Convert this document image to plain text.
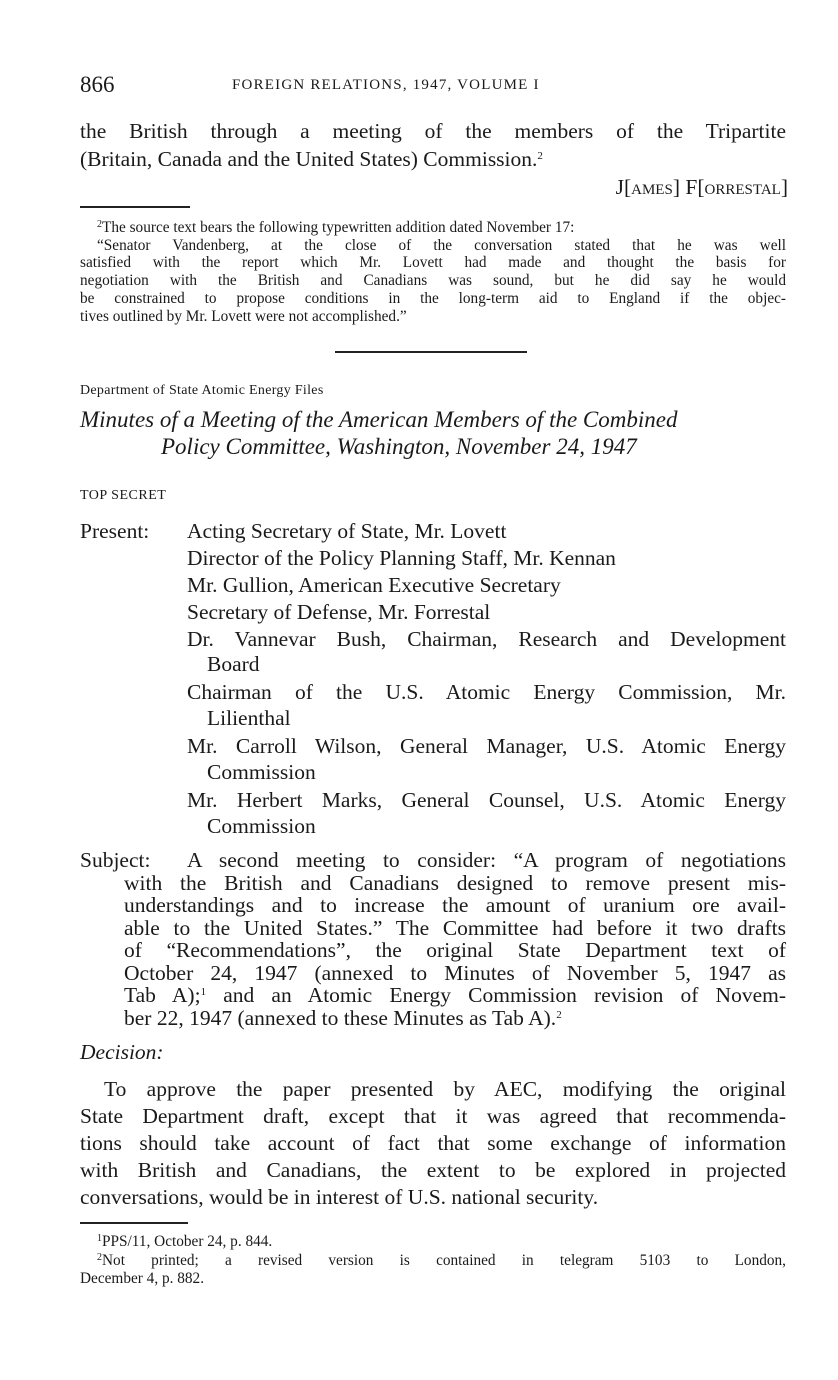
866	FOREIGN RELATIONS, 1947, VOLUME I
the British through a meeting of the members of the Tripartite
(Britain, Canada and the United States) Commission.$^2$
J[ames] F[orrestal]
$^2$The source text bears the following typewritten addition dated November 17:
“Senator Vandenberg, at the close of the conversation stated that he was well
satisfied with the report which Mr. Lovett had made and thought the basis for
negotiation with the British and Canadians was sound, but he did say he would
be constrained to propose conditions in the long-term aid to England if the objec-
tives outlined by Mr. Lovett were not accomplished.”
Department of State Atomic Energy Files
Minutes of a Meeting of the American Members of the Combined
Policy Committee, Washington, November 24, 1947
TOP SECRET
Present: Acting Secretary of State, Mr. Lovett
Director of the Policy Planning Staff, Mr. Kennan
Mr. Gullion, American Executive Secretary
Secretary of Defense, Mr. Forrestal
Dr. Vannevar Bush, Chairman, Research and Development
Board
Chairman of the U.S. Atomic Energy Commission, Mr.
Lilienthal
Mr. Carroll Wilson, General Manager, U.S. Atomic Energy
Commission
Mr. Herbert Marks, General Counsel, U.S. Atomic Energy
Commission
Subject: A second meeting to consider: “A program of negotiations
with the British and Canadians designed to remove present mis-
understandings and to increase the amount of uranium ore avail-
able to the United States.” The Committee had before it two drafts
of “Recommendations”, the original State Department text of
October 24, 1947 (annexed to Minutes of November 5, 1947 as
Tab A);$^1$ and an Atomic Energy Commission revision of Novem-
ber 22, 1947 (annexed to these Minutes as Tab A).$^2$
Decision:
To approve the paper presented by AEC, modifying the original
State Department draft, except that it was agreed that recommenda-
tions should take account of fact that some exchange of information
with British and Canadians, the extent to be explored in projected
conversations, would be in interest of U.S. national security.
$^1$PPS/11, October 24, p. 844.
$^2$Not printed; a revised version is contained in telegram 5103 to London,
December 4, p. 882.
